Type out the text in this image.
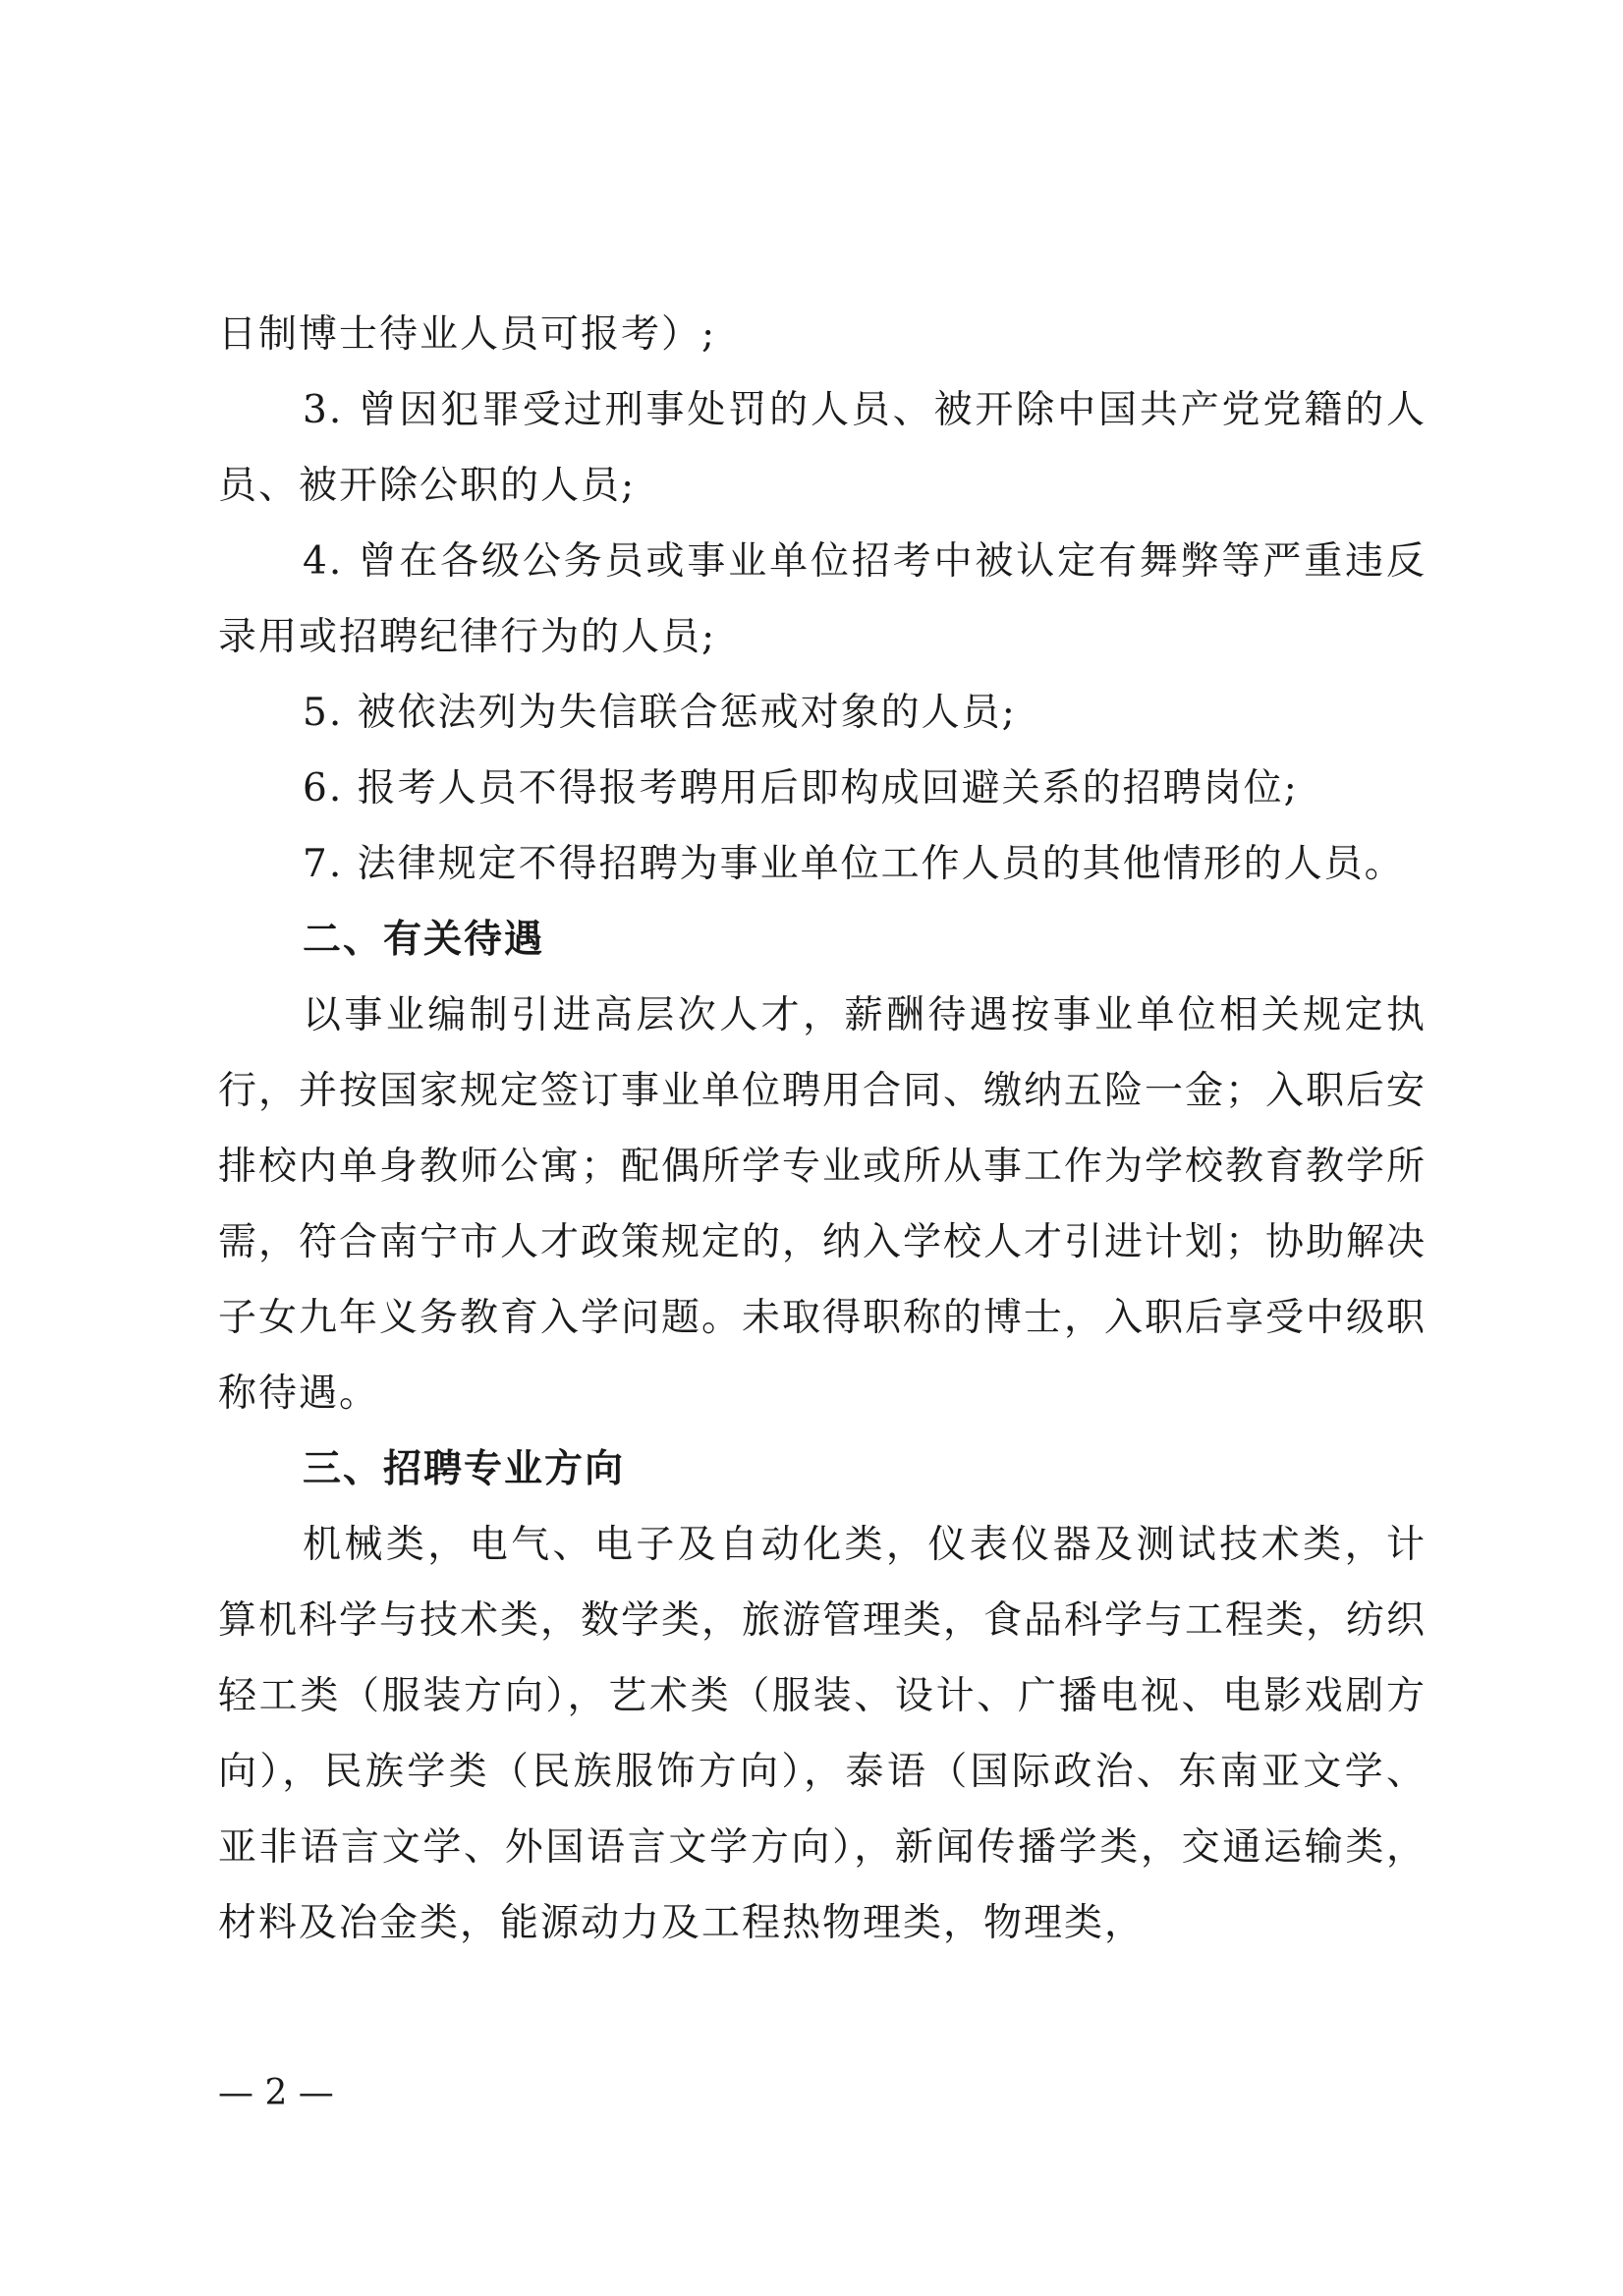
日制博士待业人员可报考）;

3. 曾因犯罪受过刑事处罚的人员、被开除中国共产党党籍的人员、被开除公职的人员;

4. 曾在各级公务员或事业单位招考中被认定有舞弊等严重违反录用或招聘纪律行为的人员;

5. 被依法列为失信联合惩戒对象的人员;

6. 报考人员不得报考聘用后即构成回避关系的招聘岗位;

7. 法律规定不得招聘为事业单位工作人员的其他情形的人员。

二、有关待遇

以事业编制引进高层次人才，薪酬待遇按事业单位相关规定执行，并按国家规定签订事业单位聘用合同、缴纳五险一金；入职后安排校内单身教师公寓；配偶所学专业或所从事工作为学校教育教学所需，符合南宁市人才政策规定的，纳入学校人才引进计划；协助解决子女九年义务教育入学问题。未取得职称的博士，入职后享受中级职称待遇。

三、招聘专业方向

机械类，电气、电子及自动化类，仪表仪器及测试技术类，计算机科学与技术类，数学类，旅游管理类，食品科学与工程类，纺织轻工类（服装方向），艺术类（服装、设计、广播电视、电影戏剧方向），民族学类（民族服饰方向），泰语（国际政治、东南亚文学、亚非语言文学、外国语言文学方向），新闻传播学类，交通运输类，材料及冶金类，能源动力及工程热物理类，物理类，

— 2 —
